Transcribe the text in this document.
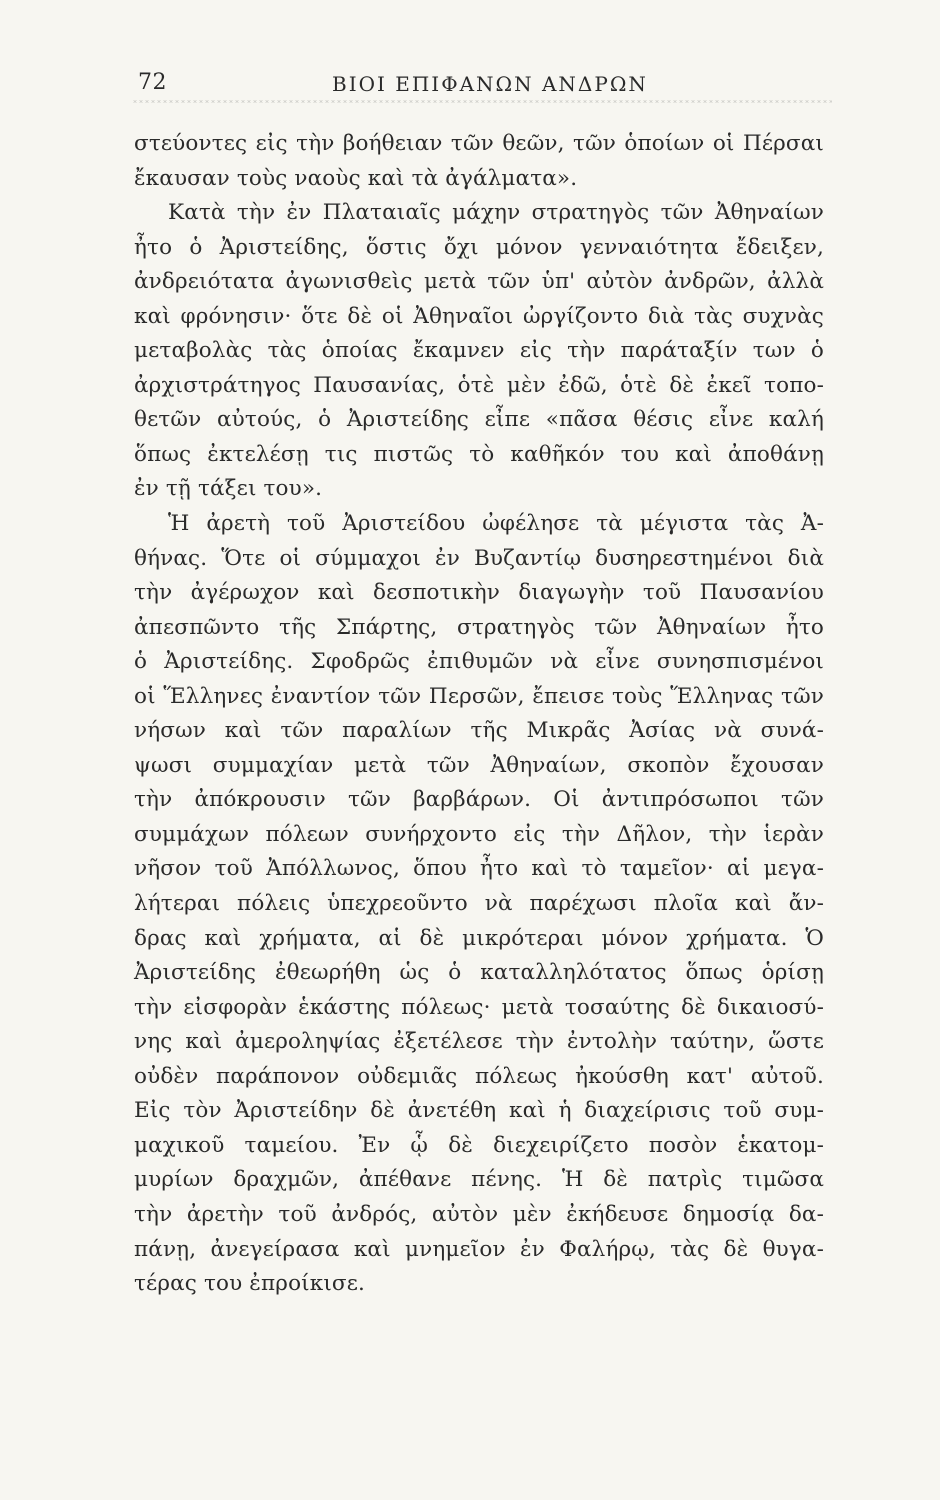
72	ΒΙΟΙ ΕΠΙΦΑΝΩΝ ΑΝΔΡΩΝ
στεύοντες εἰς τὴν βοήθειαν τῶν θεῶν, τῶν ὁποίων οἱ Πέρσαι
ἔκαυσαν τοὺς ναοὺς καὶ τὰ ἀγάλματα».
Κατὰ τὴν ἐν Πλαταιαῖς μάχην στρατηγὸς τῶν Ἀθηναίων
ἦτο ὁ Ἀριστείδης, ὅστις ὄχι μόνον γενναιότητα ἔδειξεν,
ἀνδρειότατα ἀγωνισθεὶς μετὰ τῶν ὑπ' αὐτὸν ἀνδρῶν, ἀλλὰ
καὶ φρόνησιν· ὅτε δὲ οἱ Ἀθηναῖοι ὠργίζοντο διὰ τὰς συχνὰς
μεταβολὰς τὰς ὁποίας ἔκαμνεν εἰς τὴν παράταξίν των ὁ
ἀρχιστράτηγος Παυσανίας, ὁτὲ μὲν ἐδῶ, ὁτὲ δὲ ἐκεῖ τοπο-
θετῶν αὐτούς, ὁ Ἀριστείδης εἶπε «πᾶσα θέσις εἶνε καλή
ὅπως ἐκτελέσῃ τις πιστῶς τὸ καθῆκόν του καὶ ἀποθάνῃ
ἐν τῇ τάξει του».
Ἡ ἀρετὴ τοῦ Ἀριστείδου ὠφέλησε τὰ μέγιστα τὰς Ἀ-
θήνας. Ὅτε οἱ σύμμαχοι ἐν Βυζαντίῳ δυσηρεστημένοι διὰ
τὴν ἀγέρωχον καὶ δεσποτικὴν διαγωγὴν τοῦ Παυσανίου
ἀπεσπῶντο τῆς Σπάρτης, στρατηγὸς τῶν Ἀθηναίων ἦτο
ὁ Ἀριστείδης. Σφοδρῶς ἐπιθυμῶν νὰ εἶνε συνησπισμένοι
οἱ Ἕλληνες ἐναντίον τῶν Περσῶν, ἔπεισε τοὺς Ἕλληνας τῶν
νήσων καὶ τῶν παραλίων τῆς Μικρᾶς Ἀσίας νὰ συνά-
ψωσι συμμαχίαν μετὰ τῶν Ἀθηναίων, σκοπὸν ἔχουσαν
τὴν ἀπόκρουσιν τῶν βαρβάρων. Οἱ ἀντιπρόσωποι τῶν
συμμάχων πόλεων συνήρχοντο εἰς τὴν Δῆλον, τὴν ἱερὰν
νῆσον τοῦ Ἀπόλλωνος, ὅπου ἦτο καὶ τὸ ταμεῖον· αἱ μεγα-
λήτεραι πόλεις ὑπεχρεοῦντο νὰ παρέχωσι πλοῖα καὶ ἄν-
δρας καὶ χρήματα, αἱ δὲ μικρότεραι μόνον χρήματα. Ὁ
Ἀριστείδης ἐθεωρήθη ὡς ὁ καταλληλότατος ὅπως ὁρίσῃ
τὴν εἰσφορὰν ἑκάστης πόλεως· μετὰ τοσαύτης δὲ δικαιοσύ-
νης καὶ ἀμεροληψίας ἐξετέλεσε τὴν ἐντολὴν ταύτην, ὥστε
οὐδὲν παράπονον οὐδεμιᾶς πόλεως ἠκούσθη κατ' αὐτοῦ.
Εἰς τὸν Ἀριστείδην δὲ ἀνετέθη καὶ ἡ διαχείρισις τοῦ συμ-
μαχικοῦ ταμείου. Ἐν ᾧ δὲ διεχειρίζετο ποσὸν ἑκατομ-
μυρίων δραχμῶν, ἀπέθανε πένης. Ἡ δὲ πατρὶς τιμῶσα
τὴν ἀρετὴν τοῦ ἀνδρός, αὐτὸν μὲν ἐκήδευσε δημοσίᾳ δα-
πάνῃ, ἀνεγείρασα καὶ μνημεῖον ἐν Φαλήρῳ, τὰς δὲ θυγα-
τέρας του ἐπροίκισε.
